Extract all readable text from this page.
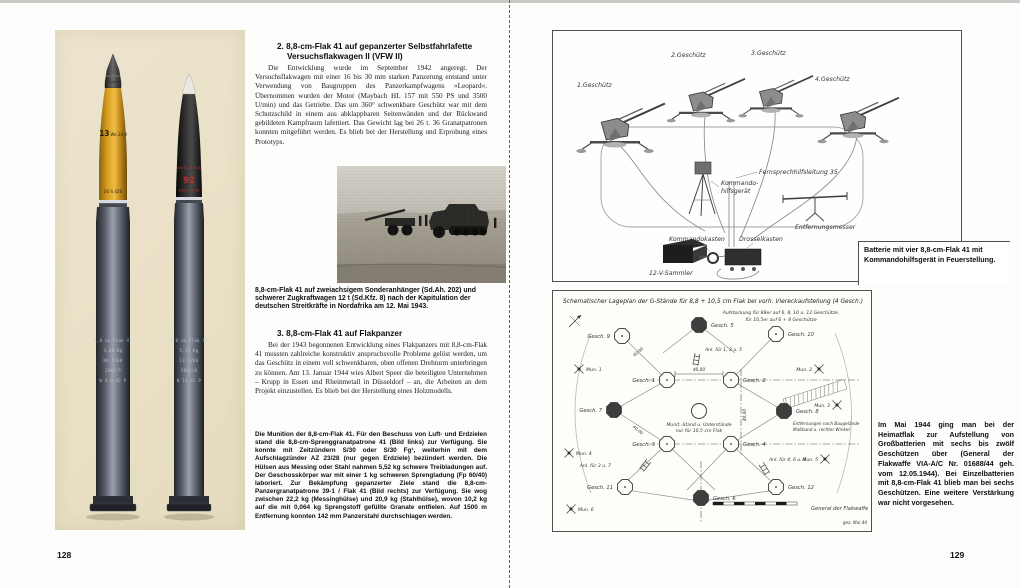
13Wo 24.9
16 S 420
8,8 cm Flak 41
5,00 Kg
KH 1766
1942/5
W 4.9.42 P
Wk 8.17 RhS
92
CWG 10-43
8,8 cm Flak 41
5,15 Kg
13 1766
1942/8
W 11.42 P
2. 8,8-cm-Flak 41 auf gepanzerter Selbstfahrlafette
Versuchsflakwagen II (VFW II)
Die Entwicklung wurde im September 1942 angeregt. Der Versuchsflakwagen mit einer 16 bis 30 mm starken Panzerung entstand unter Verwendung von Baugruppen des Panzerkampfwagens »Leopard«. Übernommen wurden der Motor (Maybach HL 157 mit 550 PS und 3500 U/min) und das Getriebe. Das um 360° schwenkbare Geschütz war mit dem Schutzschild in einem aus abklappbaren Seitenwänden und der Rückwand gebildeten Kampfraum lafettiert. Das Gewicht lag bei 26 t. 36 Granatpatronen konnten mitgeführt werden. Es blieb bei der Herstellung und Erprobung eines Prototyps.
8,8-cm-Flak 41 auf zweiachsigem Sonderanhänger (Sd.Ah. 202) und schwerer Zugkraftwagen 12 t (Sd.Kfz. 8) nach der Kapitulation der deutschen Streitkräfte in Nordafrika am 12. Mai 1943.
3. 8,8-cm-Flak 41 auf Flakpanzer
Bei der 1943 begonnenen Entwicklung eines Flakpanzers mit 8,8-cm-Flak 41 mussten zahlreiche konstruktiv anspruchsvolle Probleme gelöst werden, um das Geschütz in einem voll schwenkbaren, oben offenen Drehturm unterbringen zu können. Am 13. Januar 1944 wies Albert Speer die beteiligten Unternehmen – Krupp in Essen und Rheinmetall in Düsseldorf – an, die Arbeiten an dem Projekt einzustellen. Es blieb bei der Herstellung eines Holzmodells.
Die Munition der 8,8-cm-Flak 41. Für den Beschuss von Luft- und Erdzielen stand die 8,8-cm-Sprenggranatpatrone 41 (Bild links) zur Verfügung. Sie konnte mit Zeitzündern S/30 oder S/30 Fg¹, weiterhin mit dem Aufschlagzünder AZ 23/28 (nur gegen Erdziele) bezündert werden. Die Hülsen aus Messing oder Stahl nahmen 5,52 kg schwere Treibladungen auf. Der Geschosskörper war mit einer 1 kg schweren Sprengladung (Fp 60/40) laboriert. Zur Bekämpfung gepanzerter Ziele stand die 8,8-cm-Panzergranatpatrone 39-1 / Flak 41 (Bild rechts) zur Verfügung. Sie wog zwischen 22,2 kg (Messinghülse) und 20,9 kg (Stahlhülse), wovon 10,2 kg auf die mit 0,064 kg Sprengstoff gefüllte Granate entfielen. Auf 1500 m Entfernung konnten 142 mm Panzerstahl durchschlagen werden.
128
1.Geschütz
2.Geschütz	3.Geschütz
4.Geschütz
Kommando-
hilfsgerät
Fernsprechhilfsleitung 35
Entfernungsmesser
12-V-Sammler
Kommandokasten Drosselkasten
Batterie mit vier 8,8-cm-Flak 41 mit Kommandohilfsgerät in Feuerstellung.
Schematischer Lageplan der G-Stände für 8,8 + 10,5 cm Flak bei vorh. Viereckaufstellung (4 Gesch.)
Aufstockung für 88er auf 6, 8, 10 u. 12 Geschütze,
für 10,5er auf 6 + 8 Geschütze
Anl. für 1, 2 u. 5
Anl. für 3 u. 7
Anl. für 4, 6 u. 8
Munit.-Stand u. Unterstände
nur für 10,5 cm Flak
Entfernungen nach Baugelände
Maßband u. rechter Winkel
General der Flakwaffe
gez. Mai 44
Gesch. 1	Gesch. 2
Gesch. 3	Gesch. 4
Gesch. 5
Gesch. 6
Gesch. 7	Gesch. 8
Gesch. 9	Gesch. 10
Gesch. 11	Gesch. 12
Mun. 1	Mun. 2
Mun. 3
Mun. 4
Mun. 5
Mun. 6
40,00
40,00
40,00
40,00	Im Mai 1944 ging man bei der Heimatflak zur Aufstellung von Großbatterien mit sechs bis zwölf Geschützen über (General der Flakwaffe VIA-A/C Nr. 01688/44 geh. vom 12.05.1944). Bei Einzelbatterien mit 8,8-cm-Flak 41 blieb man bei sechs Geschützen. Eine weitere Verstärkung war nicht vorgesehen.
129
